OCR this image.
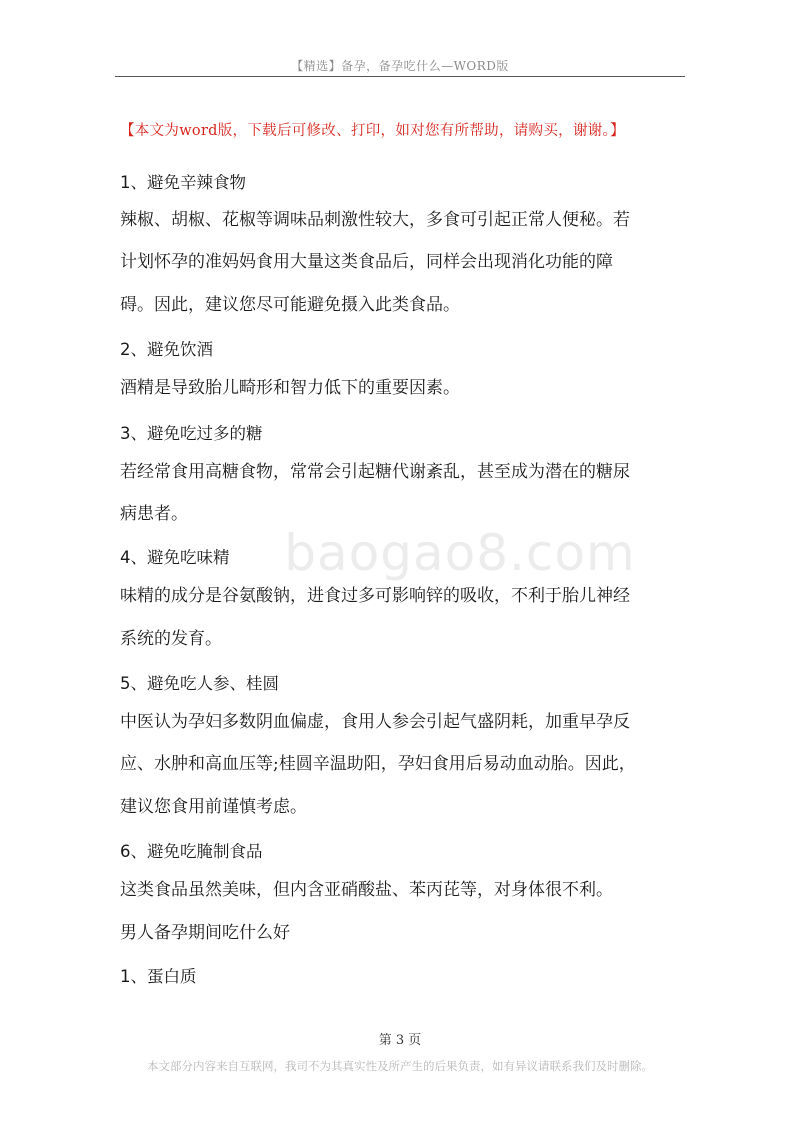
【精选】备孕，备孕吃什么—WORD版
【本文为word版，下载后可修改、打印，如对您有所帮助，请购买，谢谢。】
baogao8.com
1、避免辛辣食物
辣椒、胡椒、花椒等调味品刺激性较大，多食可引起正常人便秘。若
计划怀孕的准妈妈食用大量这类食品后，同样会出现消化功能的障
碍。因此，建议您尽可能避免摄入此类食品。
2、避免饮酒
酒精是导致胎儿畸形和智力低下的重要因素。
3、避免吃过多的糖
若经常食用高糖食物，常常会引起糖代谢紊乱，甚至成为潜在的糖尿
病患者。
4、避免吃味精
味精的成分是谷氨酸钠，进食过多可影响锌的吸收，不利于胎儿神经
系统的发育。
5、避免吃人参、桂圆
中医认为孕妇多数阴血偏虚，食用人参会引起气盛阴耗，加重早孕反
应、水肿和高血压等;桂圆辛温助阳，孕妇食用后易动血动胎。因此，
建议您食用前谨慎考虑。
6、避免吃腌制食品
这类食品虽然美味，但内含亚硝酸盐、苯丙芘等，对身体很不利。
男人备孕期间吃什么好
1、蛋白质
第 3 页
本文部分内容来自互联网，我司不为其真实性及所产生的后果负责，如有异议请联系我们及时删除。
